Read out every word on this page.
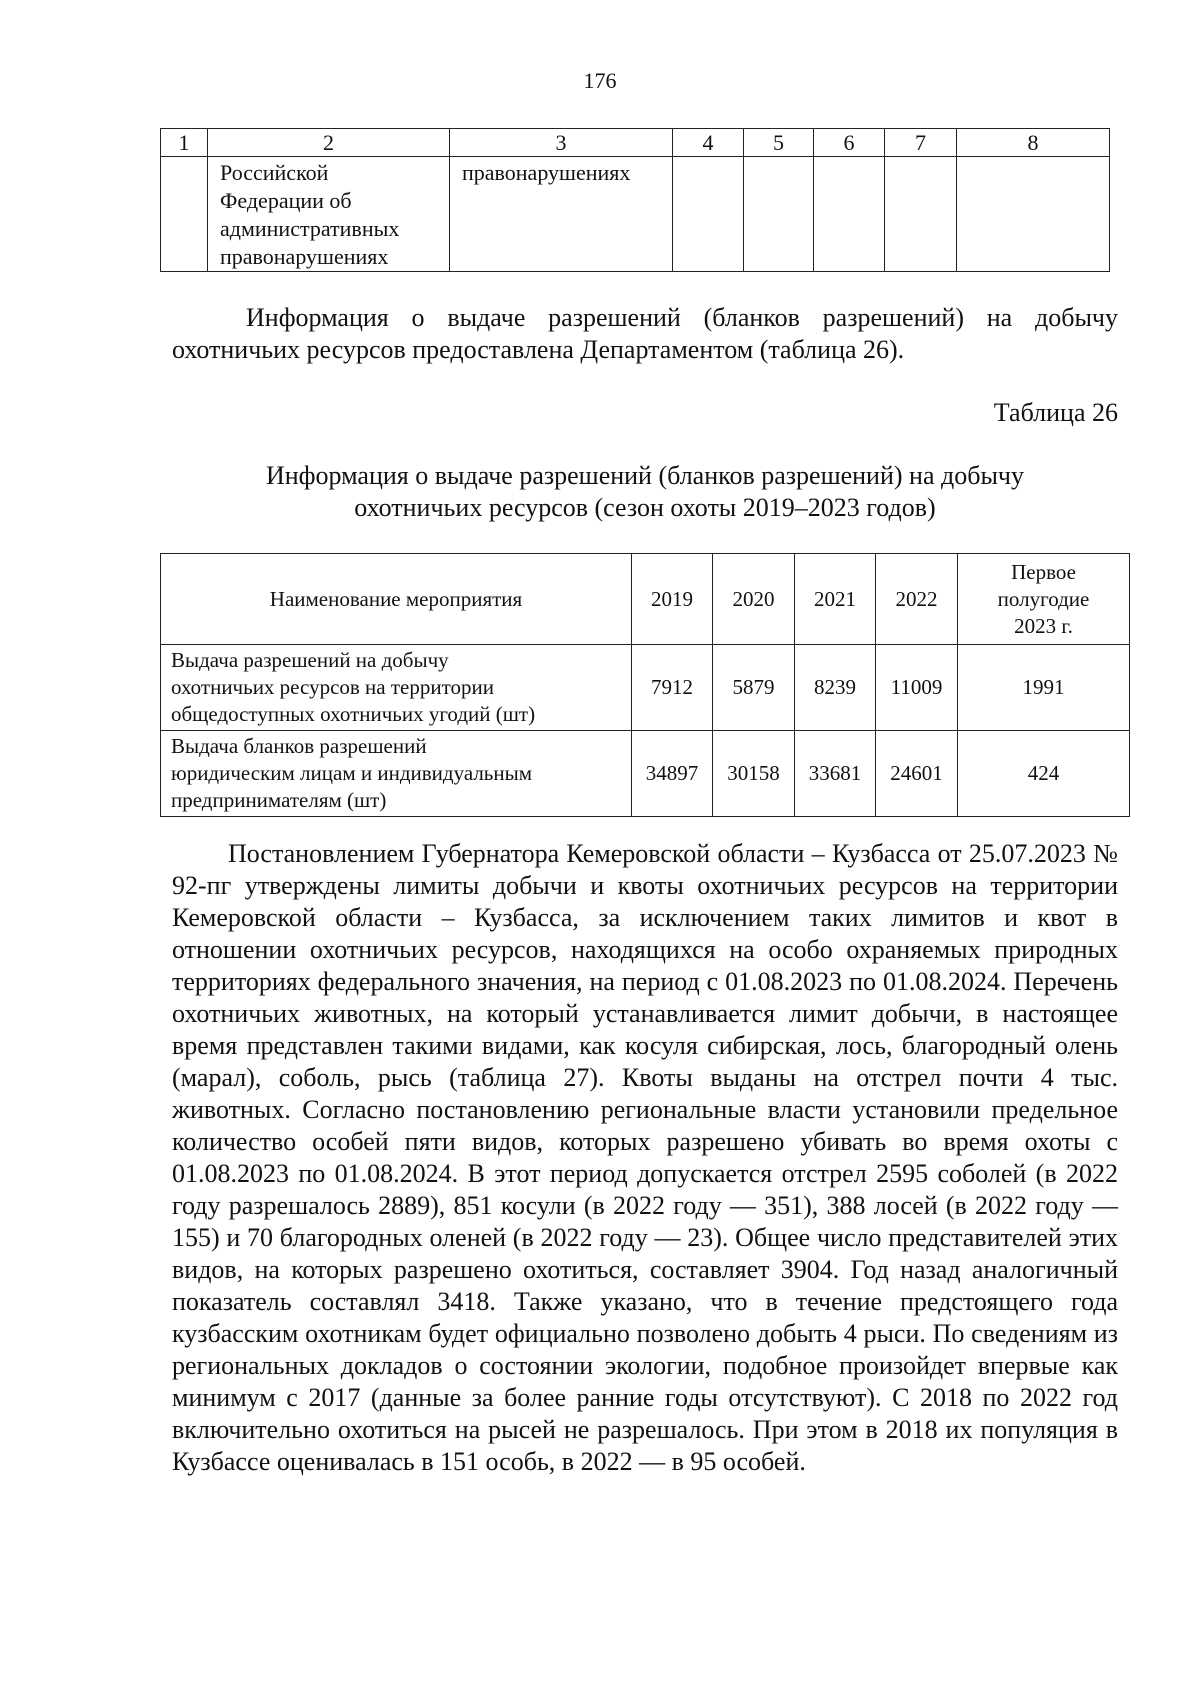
176
1	2	3	4	5	6	7	8

	Российской
Федерации об
административных
правонарушениях	правонарушениях					

Информация о выдаче разрешений (бланков разрешений) на добычу охотничьих ресурсов предоставлена Департаментом (таблица 26).

Таблица 26

Информация о выдаче разрешений (бланков разрешений) на добычу
охотничьих ресурсов (сезон охоты 2019–2023 годов)

Наименование мероприятия	2019	2020	2021	2022	Первое
полугодие
2023 г.

Выдача разрешений на добычу
охотничьих ресурсов на территории
общедоступных охотничьих угодий (шт)	7912	5879	8239	11009	1991

Выдача бланков разрешений
юридическим лицам и индивидуальным
предпринимателям (шт)	34897	30158	33681	24601	424

Постановлением Губернатора Кемеровской области – Кузбасса от 25.07.2023 № 92-пг утверждены лимиты добычи и квоты охотничьих ресурсов на территории Кемеровской области – Кузбасса, за исключением таких лимитов и квот в отношении охотничьих ресурсов, находящихся на особо охраняемых природных территориях федерального значения, на период с 01.08.2023 по 01.08.2024. Перечень охотничьих животных, на который устанавливается лимит добычи, в настоящее время представлен такими видами, как косуля сибирская, лось, благородный олень (марал), соболь, рысь (таблица 27). Квоты выданы на отстрел почти 4 тыс. животных. Согласно постановлению региональные власти установили предельное количество особей пяти видов, которых разрешено убивать во время охоты с 01.08.2023 по 01.08.2024. В этот период допускается отстрел 2595 соболей (в 2022 году разрешалось 2889), 851 косули (в 2022 году — 351), 388 лосей (в 2022 году — 155) и 70 благородных оленей (в 2022 году — 23). Общее число представителей этих видов, на которых разрешено охотиться, составляет 3904. Год назад аналогичный показатель составлял 3418. Также указано, что в течение предстоящего года кузбасским охотникам будет официально позволено добыть 4 рыси. По сведениям из региональных докладов о состоянии экологии, подобное произойдет впервые как минимум с 2017 (данные за более ранние годы отсутствуют). С 2018 по 2022 год включительно охотиться на рысей не разрешалось. При этом в 2018 их популяция в Кузбассе оценивалась в 151 особь, в 2022 — в 95 особей.
